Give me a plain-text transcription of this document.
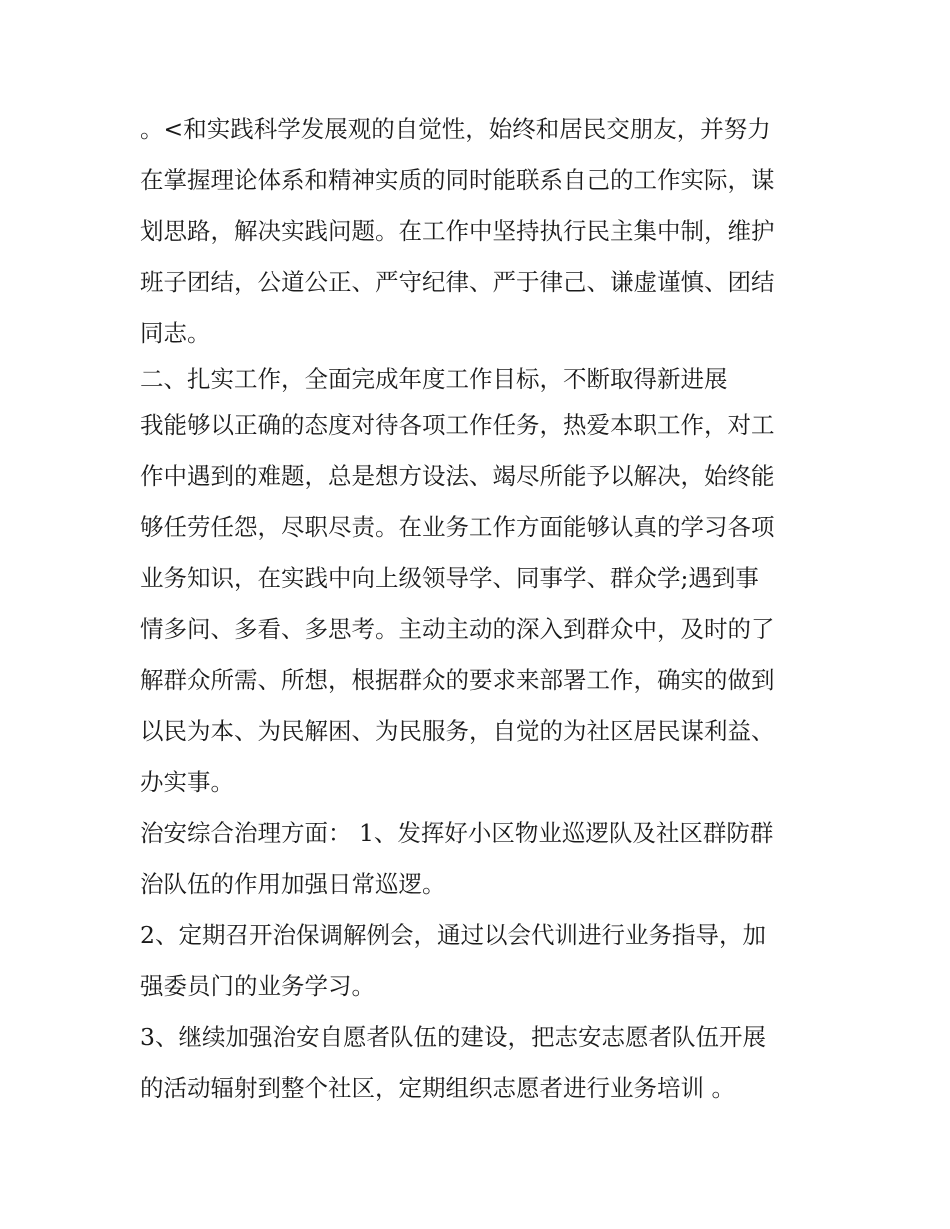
。<和实践科学发展观的自觉性，始终和居民交朋友，并努力
在掌握理论体系和精神实质的同时能联系自己的工作实际，谋
划思路，解决实践问题。在工作中坚持执行民主集中制，维护
班子团结，公道公正、严守纪律、严于律己、谦虚谨慎、团结
同志。
二、扎实工作，全面完成年度工作目标，不断取得新进展
我能够以正确的态度对待各项工作任务，热爱本职工作，对工
作中遇到的难题，总是想方设法、竭尽所能予以解决，始终能
够任劳任怨，尽职尽责。在业务工作方面能够认真的学习各项
业务知识，在实践中向上级领导学、同事学、群众学;遇到事
情多问、多看、多思考。主动主动的深入到群众中，及时的了
解群众所需、所想，根据群众的要求来部署工作，确实的做到
以民为本、为民解困、为民服务，自觉的为社区居民谋利益、
办实事。
治安综合治理方面： 1、发挥好小区物业巡逻队及社区群防群
治队伍的作用加强日常巡逻。
2、定期召开治保调解例会，通过以会代训进行业务指导，加
强委员门的业务学习。
3、继续加强治安自愿者队伍的建设，把志安志愿者队伍开展
的活动辐射到整个社区，定期组织志愿者进行业务培训 。
